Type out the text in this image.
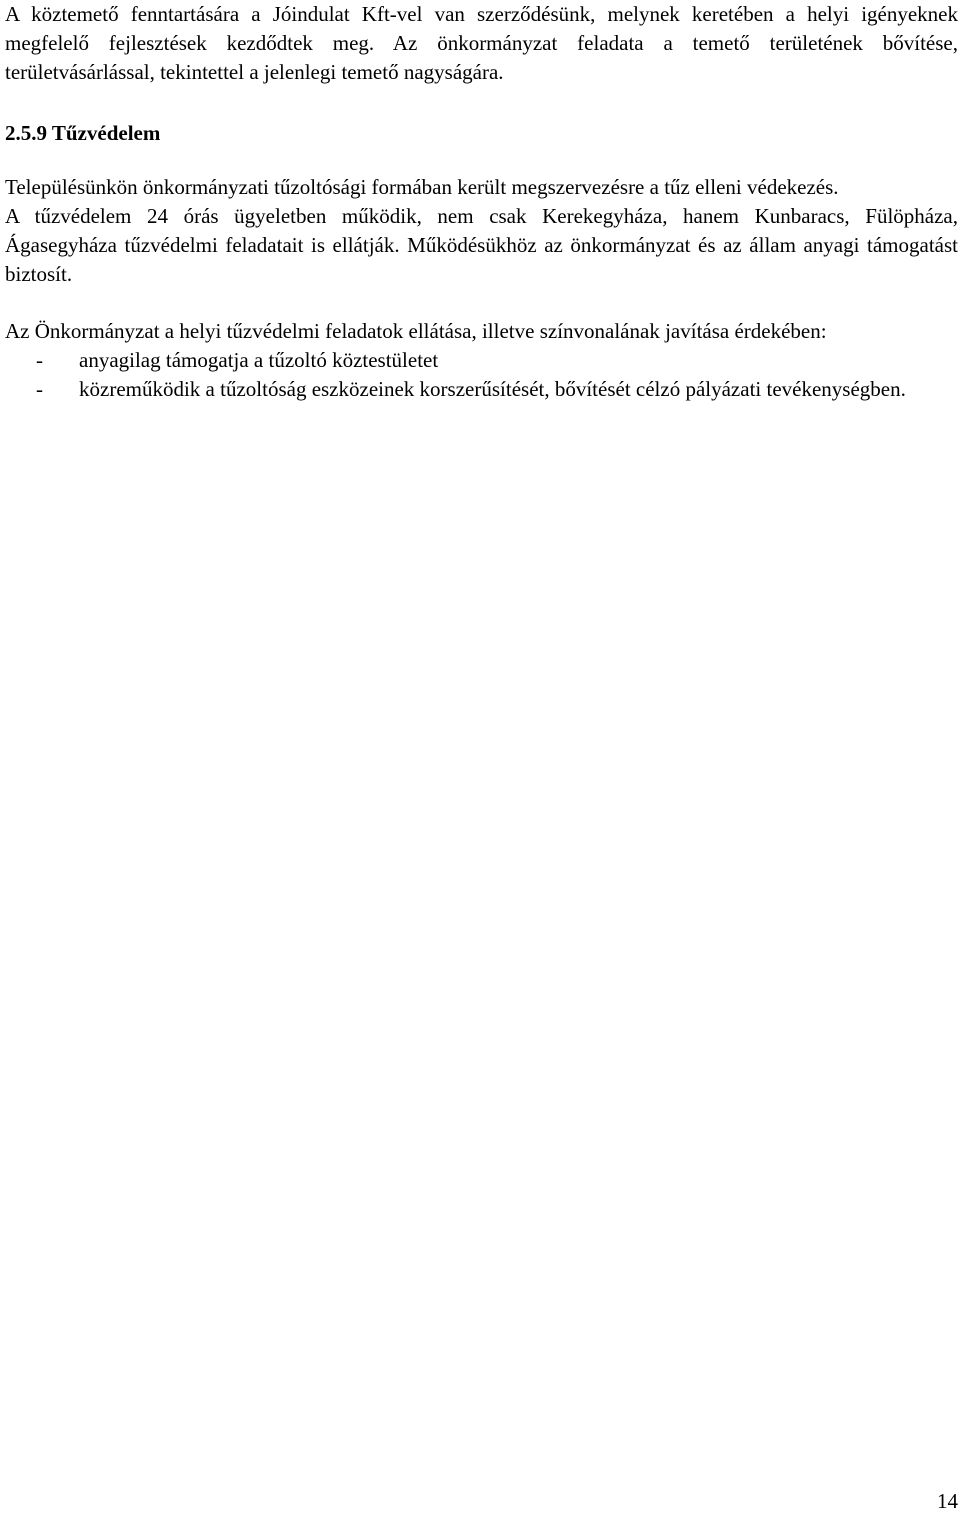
A köztemető fenntartására a Jóindulat Kft-vel van szerződésünk, melynek keretében a helyi igényeknek megfelelő fejlesztések kezdődtek meg. Az önkormányzat feladata a temető területének bővítése, területvásárlással, tekintettel a jelenlegi temető nagyságára.

2.5.9 Tűzvédelem

Településünkön önkormányzati tűzoltósági formában került megszervezésre a tűz elleni védekezés.

A tűzvédelem 24 órás ügyeletben működik, nem csak Kerekegyháza, hanem Kunbaracs, Fülöpháza, Ágasegyháza tűzvédelmi feladatait is ellátják. Működésükhöz az önkormányzat és az állam anyagi támogatást biztosít.

Az Önkormányzat a helyi tűzvédelmi feladatok ellátása, illetve színvonalának javítása érdekében:

- anyagilag támogatja a tűzoltó köztestületet
- közreműködik a tűzoltóság eszközeinek korszerűsítését, bővítését célzó pályázati tevékenységben.
14
